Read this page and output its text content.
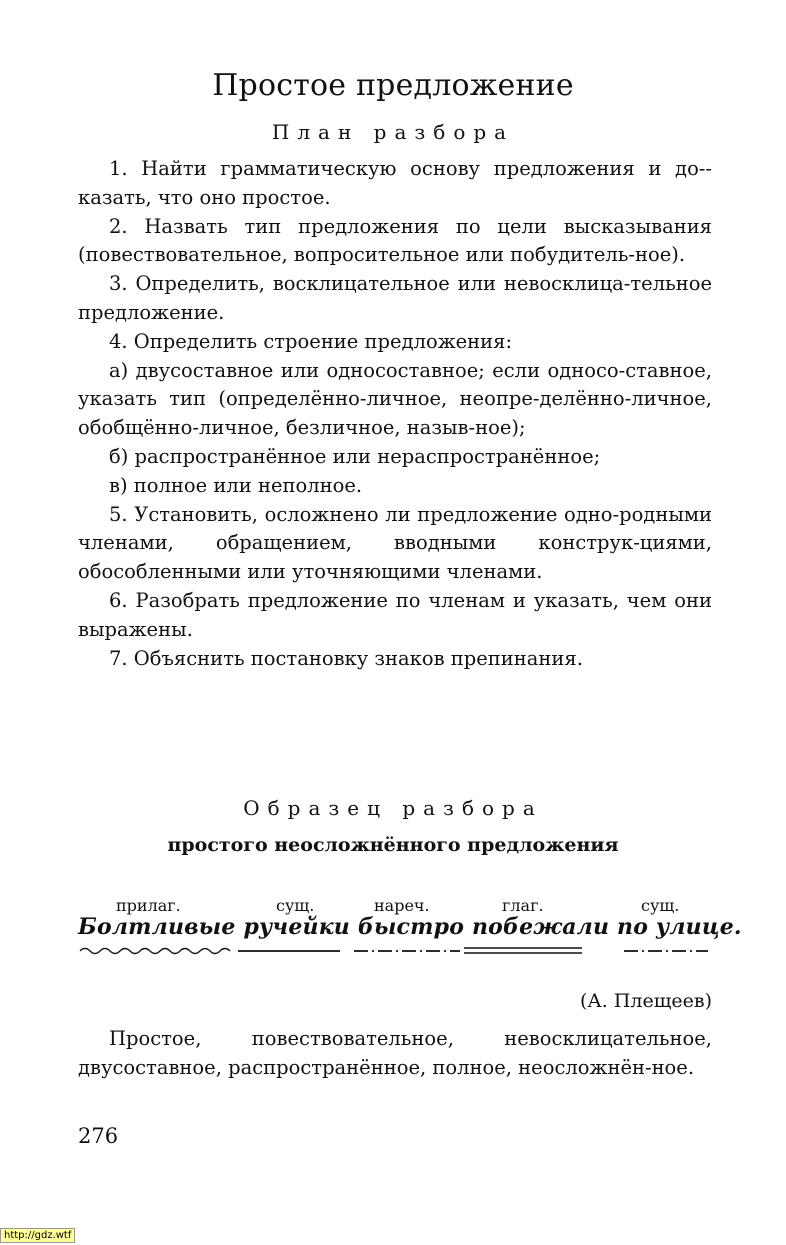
Простое предложение
План разбора

1. Найти грамматическую основу предложения и до-казать, что оно простое.

2. Назвать тип предложения по цели высказывания (повествовательное, вопросительное или побудитель-ное).

3. Определить, восклицательное или невосклица-тельное предложение.

4. Определить строение предложения:

а) двусоставное или односоставное; если односо-ставное, указать тип (определённо-личное, неопре-делённо-личное, обобщённо-личное, безличное, назыв-ное);

б) распространённое или нераспространённое;

в) полное или неполное.

5. Установить, осложнено ли предложение одно-родными членами, обращением, вводными конструк-циями, обособленными или уточняющими членами.

6. Разобрать предложение по членам и указать, чем они выражены.

7. Объяснить постановку знаков препинания.

Образец разбора
простого неосложнённого предложения
прилаг.	сущ.	нареч.	глаг.	сущ.
Болтливые ручейки быстро побежали по улице.
(А. Плещеев)

Простое, повествовательное, невосклицательное, двусоставное, распространённое, полное, неосложнён-ное.

276
http://gdz.wtf
